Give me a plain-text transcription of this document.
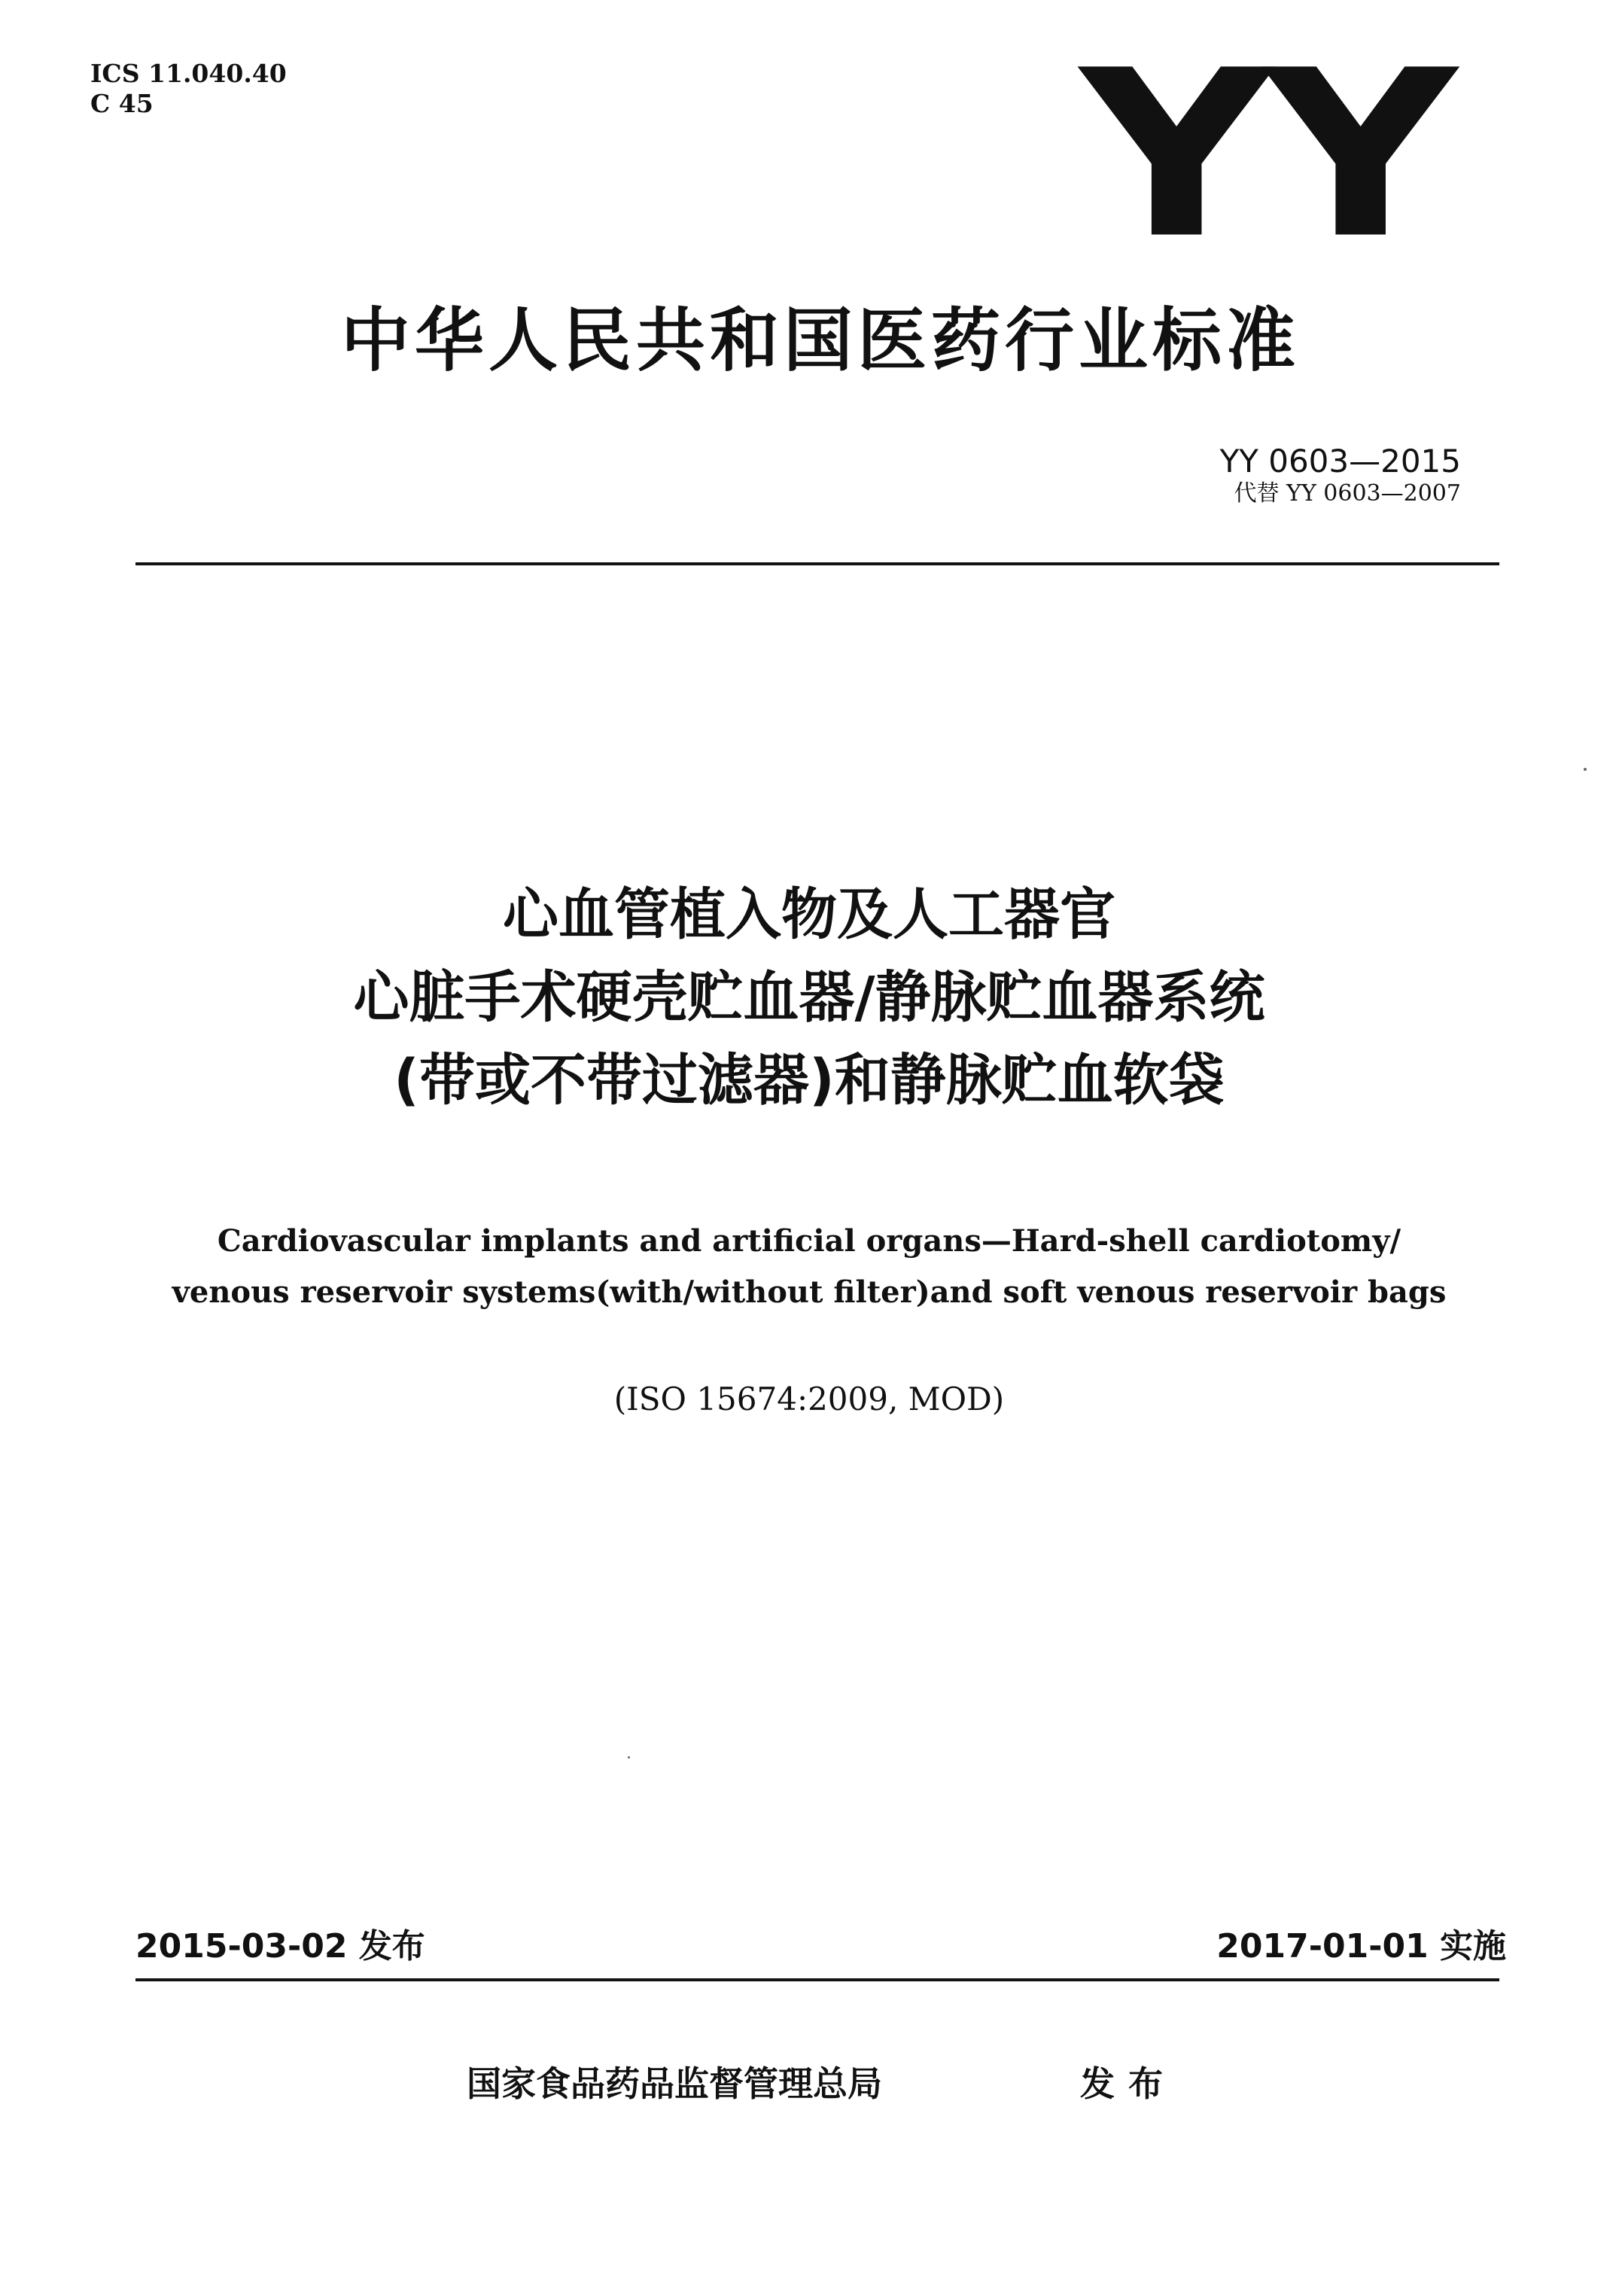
ICS 11.040.40
C 45	YY
中华人民共和国医药行业标准
YY 0603—2015
代替 YY 0603—2007
心血管植入物及人工器官
心脏手术硬壳贮血器/静脉贮血器系统
(带或不带过滤器)和静脉贮血软袋
Cardiovascular implants and artificial organs—Hard-shell cardiotomy/
venous reservoir systems(with/without filter)and soft venous reservoir bags
(ISO 15674:2009, MOD)
2015-03-02 发布	2017-01-01 实施
国家食品药品监督管理总局	发布
